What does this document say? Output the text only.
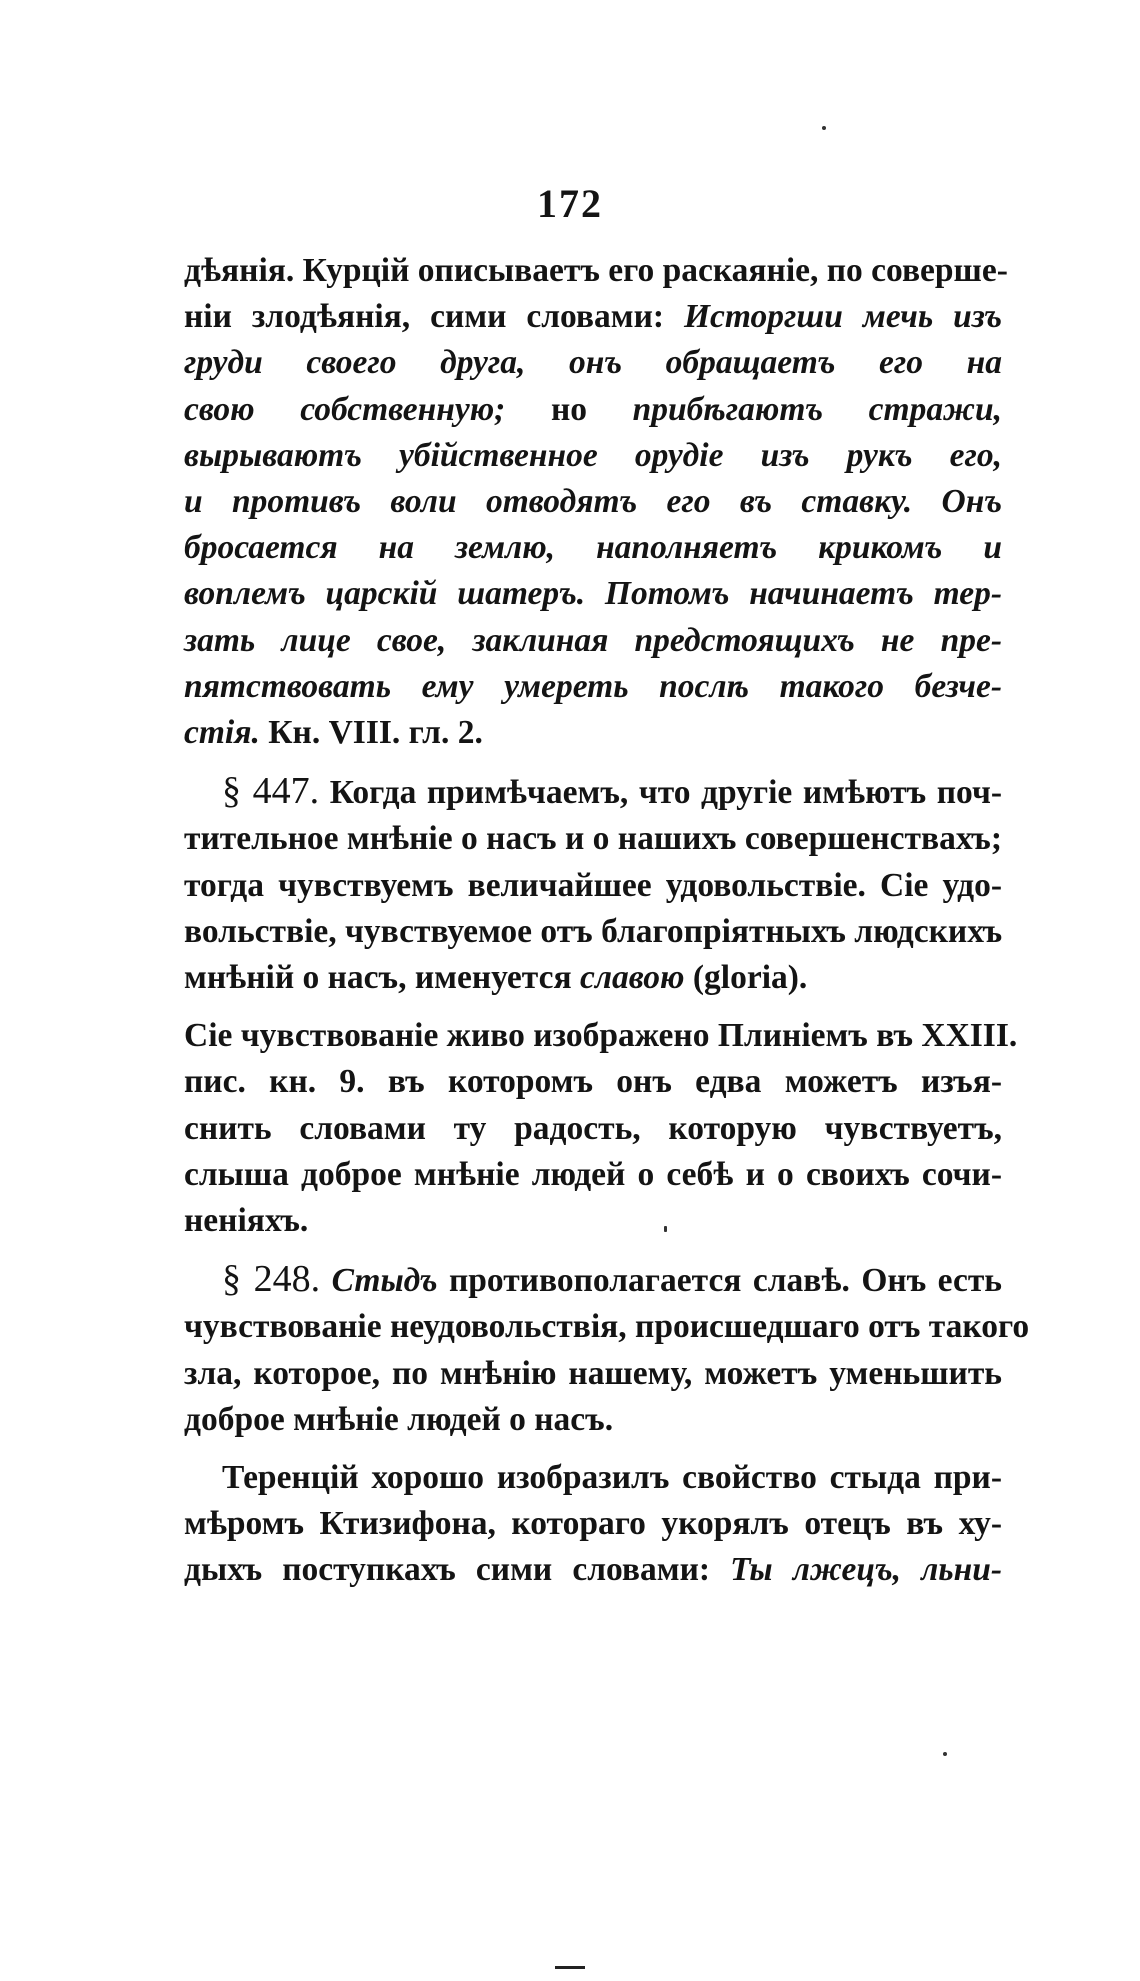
172
дѣянія. Курцій описываетъ его раскаяніе, по соверше-
ніи злодѣянія, сими словами: Исторгши мечь изъ
груди своего друга, онъ обращаетъ его на
свою собственную; но прибѣгаютъ стражи,
вырываютъ убійственное орудіе изъ рукъ его,
и противъ воли отводятъ его въ ставку. Онъ
бросается на землю, наполняетъ крикомъ и
воплемъ царскій шатеръ. Потомъ начинаетъ тер-
зать лице свое, заклиная предстоящихъ не пре-
пятствовать ему умереть послѣ такого безче-
стія. Кн. VIII. гл. 2.
§ 447. Когда примѣчаемъ, что другіе имѣютъ поч-
тительное мнѣніе о насъ и о нашихъ совершенствахъ;
тогда чувствуемъ величайшее удовольствіе. Сіе удо-
вольствіе, чувствуемое отъ благопріятныхъ людскихъ
мнѣній о насъ, именуется славою (gloria).
Сіе чувствованіе живо изображено Плиніемъ въ XXIII.
пис. кн. 9. въ которомъ онъ едва можетъ изъя-
снить словами ту радость, которую чувствуетъ,
слыша доброе мнѣніе людей о себѣ и о своихъ сочи-
неніяхъ.
§ 248. Стыдъ противополагается славѣ. Онъ есть
чувствованіе неудовольствія, происшедшаго отъ такого
зла, которое, по мнѣнію нашему, можетъ уменьшить
доброе мнѣніе людей о насъ.
Теренцій хорошо изобразилъ свойство стыда при-
мѣромъ Ктизифона, котораго укорялъ отецъ въ ху-
дыхъ поступкахъ сими словами: Ты лжецъ, льни-
